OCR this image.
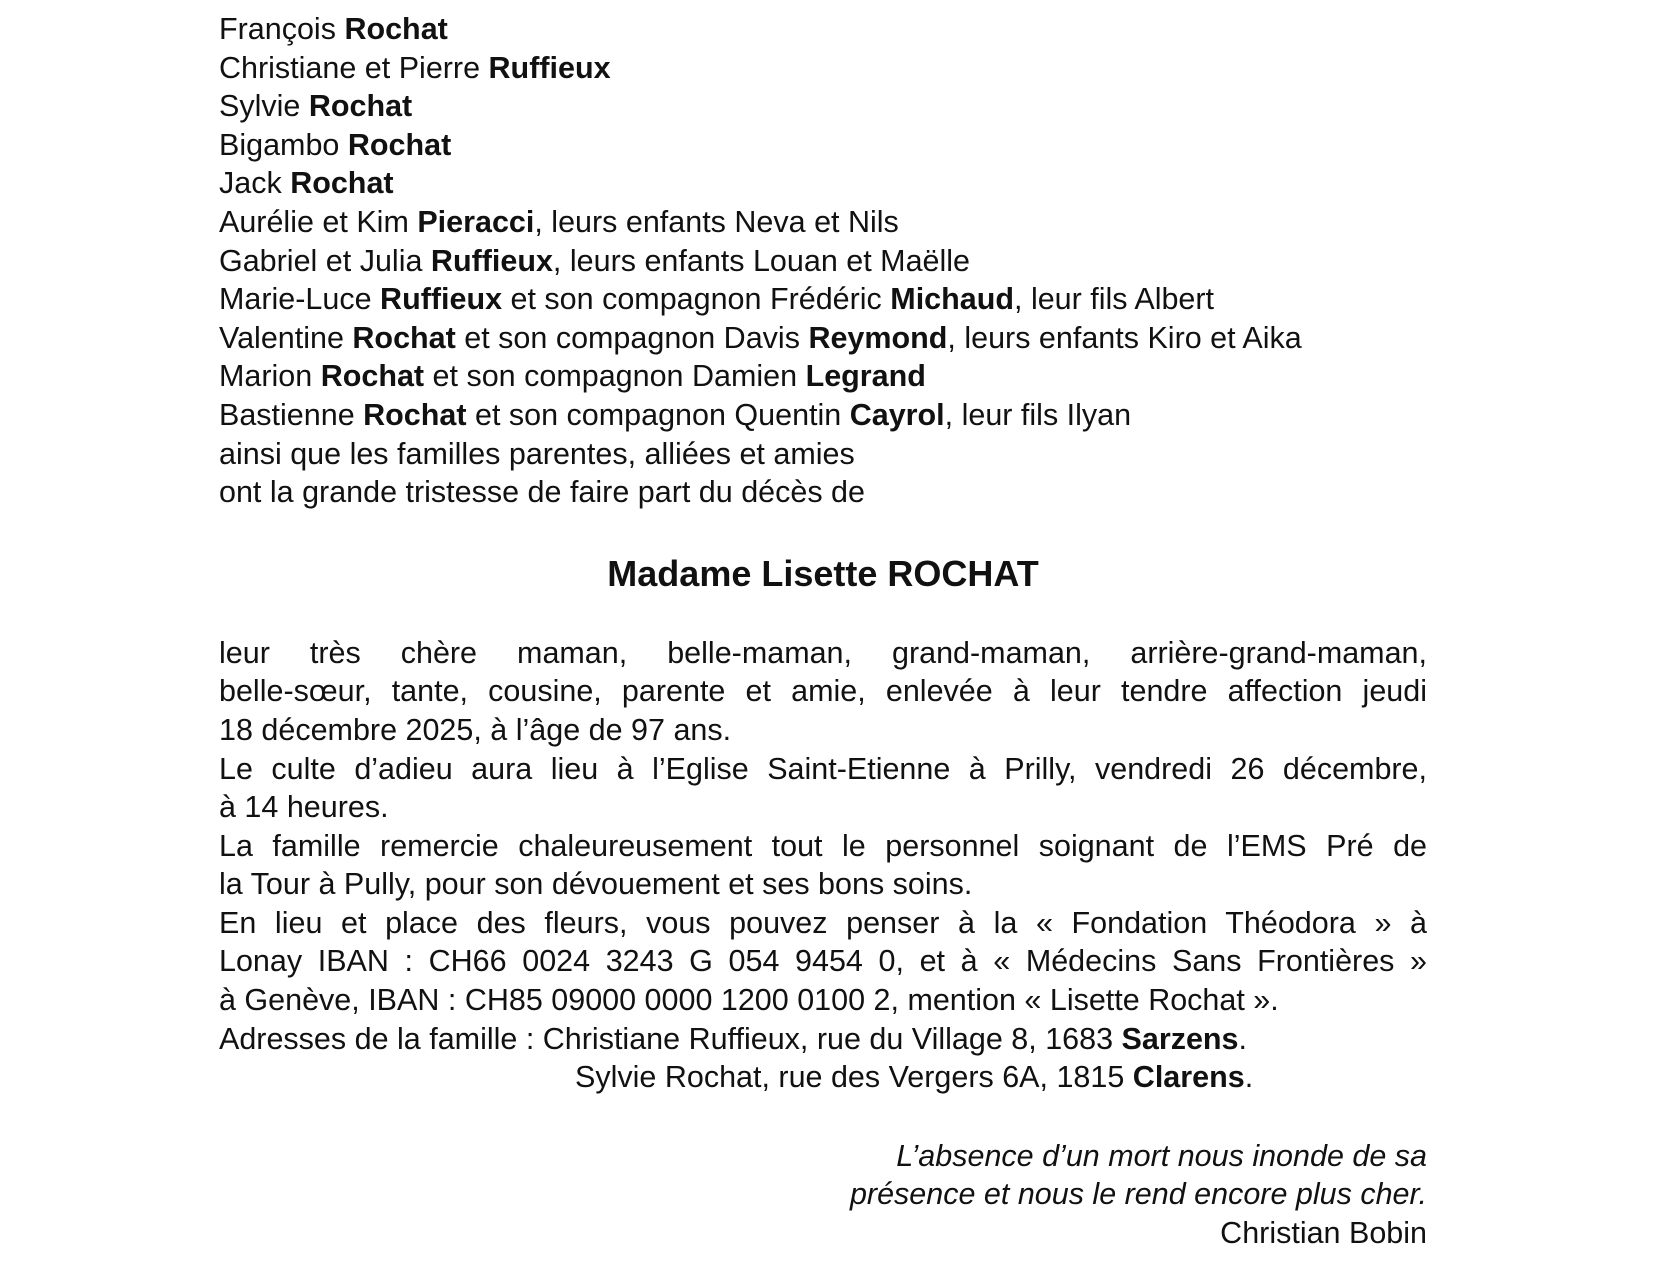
François Rochat
Christiane et Pierre Ruffieux
Sylvie Rochat
Bigambo Rochat
Jack Rochat
Aurélie et Kim Pieracci, leurs enfants Neva et Nils
Gabriel et Julia Ruffieux, leurs enfants Louan et Maëlle
Marie-Luce Ruffieux et son compagnon Frédéric Michaud, leur fils Albert
Valentine Rochat et son compagnon Davis Reymond, leurs enfants Kiro et Aika
Marion Rochat et son compagnon Damien Legrand
Bastienne Rochat et son compagnon Quentin Cayrol, leur fils Ilyan
ainsi que les familles parentes, alliées et amies
ont la grande tristesse de faire part du décès de
Madame Lisette ROCHAT
leur très chère maman, belle-maman, grand-maman, arrière-grand-maman,
belle-sœur, tante, cousine, parente et amie, enlevée à leur tendre affection jeudi
18 décembre 2025, à l’âge de 97 ans.
Le culte d’adieu aura lieu à l’Eglise Saint-Etienne à Prilly, vendredi 26 décembre,
à 14 heures.
La famille remercie chaleureusement tout le personnel soignant de l’EMS Pré de
la Tour à Pully, pour son dévouement et ses bons soins.
En lieu et place des fleurs, vous pouvez penser à la « Fondation Théodora » à
Lonay IBAN : CH66 0024 3243 G 054 9454 0, et à « Médecins Sans Frontières »
à Genève, IBAN : CH85 09000 0000 1200 0100 2, mention « Lisette Rochat ».
Adresses de la famille : Christiane Ruffieux, rue du Village 8, 1683 Sarzens.
Sylvie Rochat, rue des Vergers 6A, 1815 Clarens.
L’absence d’un mort nous inonde de sa
présence et nous le rend encore plus cher.
Christian Bobin
